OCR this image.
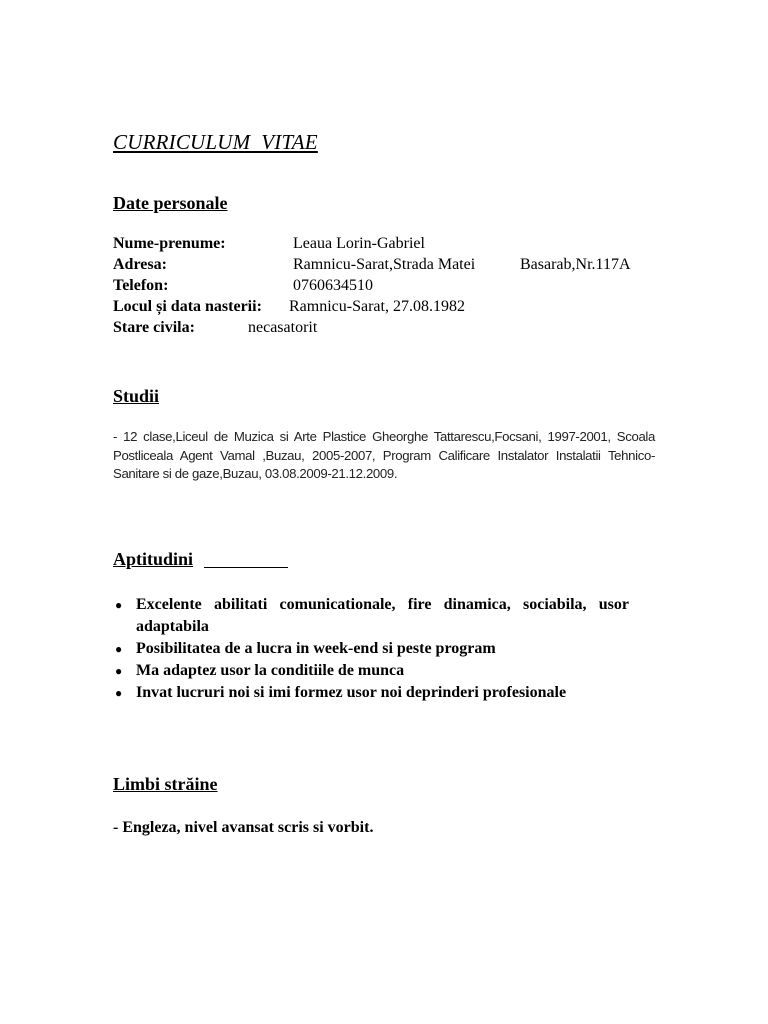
CURRICULUM  VITAE
Date personale
Nume-prenume:	Leaua Lorin-Gabriel
Adresa:	Ramnicu-Sarat,Strada Matei	Basarab,Nr.117A
Telefon:	0760634510
Locul și data nasterii: Ramnicu-Sarat, 27.08.1982
Stare civila:	necasatorit
Studii
- 12 clase,Liceul de Muzica si Arte Plastice Gheorghe Tattarescu,Focsani, 1997-2001, Scoala Postliceala Agent Vamal ,Buzau, 2005-2007, Program Calificare Instalator Instalatii Tehnico-Sanitare si de gaze,Buzau, 03.08.2009-21.12.2009.
Aptitudini
● Excelente abilitati comunicationale, fire dinamica, sociabila, usor adaptabila
● Posibilitatea de a lucra in week-end si peste program
● Ma adaptez usor la conditiile de munca
● Invat lucruri noi si imi formez usor noi deprinderi profesionale
Limbi străine
- Engleza, nivel avansat scris si vorbit.
